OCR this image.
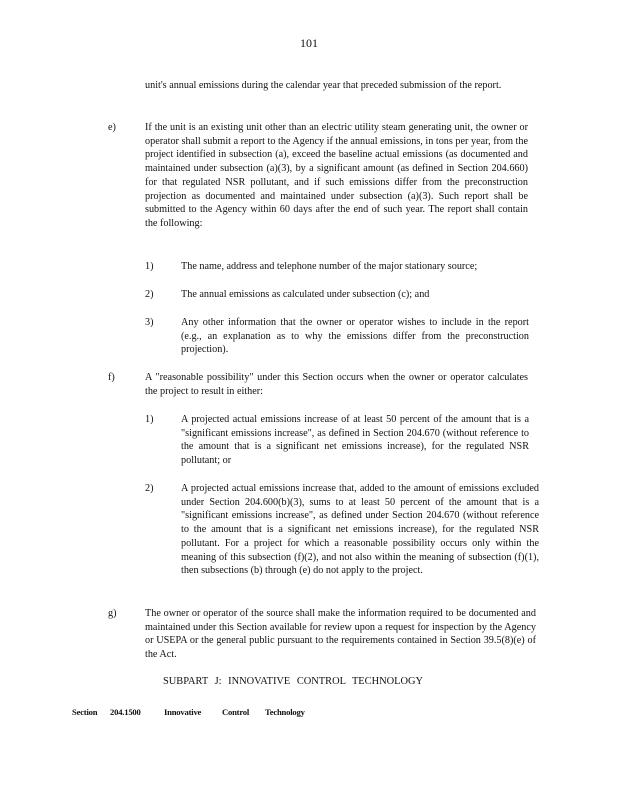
101

unit's annual emissions during the calendar year that preceded submission of the report.

e)	If the unit is an existing unit other than an electric utility steam generating unit, the owner or operator shall submit a report to the Agency if the annual emissions, in tons per year, from the project identified in subsection (a), exceed the baseline actual emissions (as documented and maintained under subsection (a)(3), by a significant amount (as defined in Section 204.660) for that regulated NSR pollutant, and if such emissions differ from the preconstruction projection as documented and maintained under subsection (a)(3). Such report shall be submitted to the Agency within 60 days after the end of such year. The report shall contain the following:

1)	The name, address and telephone number of the major stationary source;

2)	The annual emissions as calculated under subsection (c); and

3)	Any other information that the owner or operator wishes to include in the report (e.g., an explanation as to why the emissions differ from the preconstruction projection).

f)	A "reasonable possibility" under this Section occurs when the owner or operator calculates the project to result in either:

1)	A projected actual emissions increase of at least 50 percent of the amount that is a "significant emissions increase", as defined in Section 204.670 (without reference to the amount that is a significant net emissions increase), for the regulated NSR pollutant; or

2)	A projected actual emissions increase that, added to the amount of emissions excluded under Section 204.600(b)(3), sums to at least 50 percent of the amount that is a "significant emissions increase", as defined under Section 204.670 (without reference to the amount that is a significant net emissions increase), for the regulated NSR pollutant. For a project for which a reasonable possibility occurs only within the meaning of this subsection (f)(2), and not also within the meaning of subsection (f)(1), then subsections (b) through (e) do not apply to the project.

g)	The owner or operator of the source shall make the information required to be documented and maintained under this Section available for review upon a request for inspection by the Agency or USEPA or the general public pursuant to the requirements contained in Section 39.5(8)(e) of the Act.

SUBPART J: INNOVATIVE CONTROL TECHNOLOGY
Section 204.1500	Innovative Control Technology
